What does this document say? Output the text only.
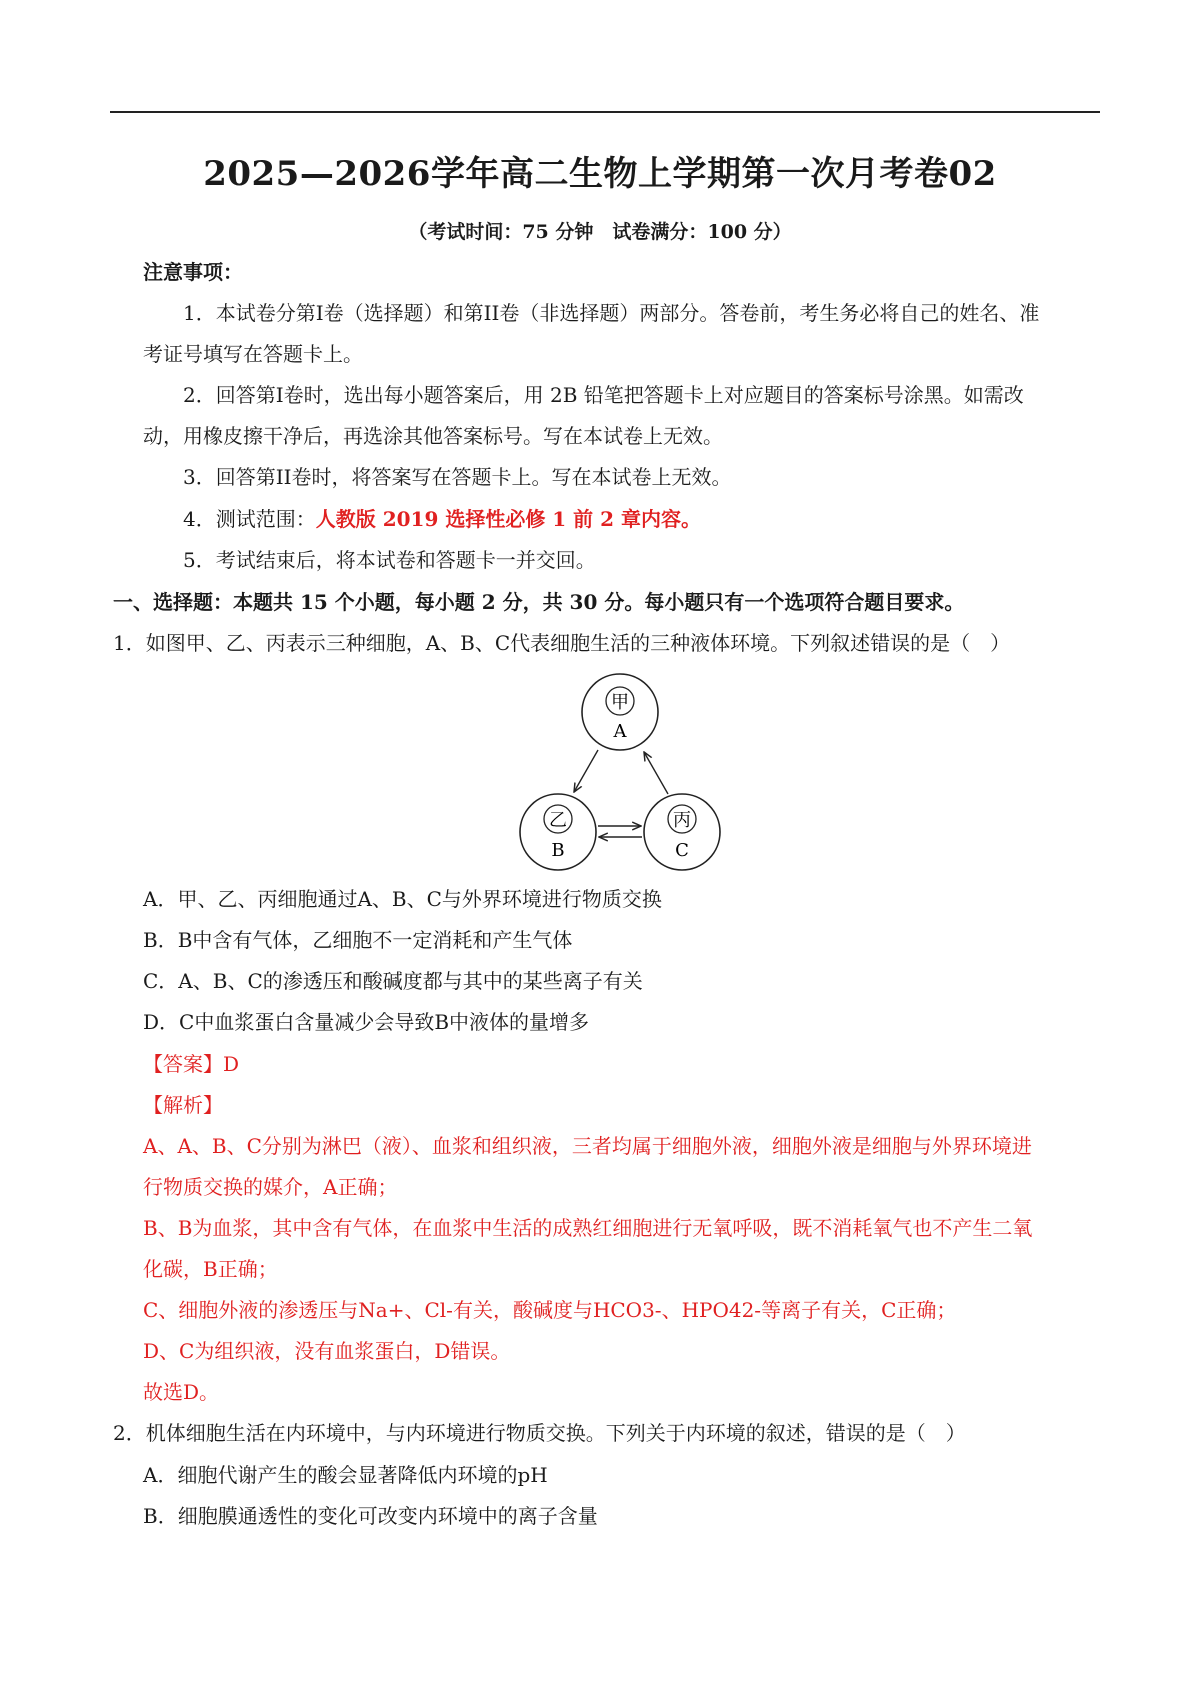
2025—2026学年高二生物上学期第一次月考卷02
（考试时间：75 分钟　试卷满分：100 分）
注意事项：
1．本试卷分第I卷（选择题）和第II卷（非选择题）两部分。答卷前，考生务必将自己的姓名、准
考证号填写在答题卡上。
2．回答第I卷时，选出每小题答案后，用 2B 铅笔把答题卡上对应题目的答案标号涂黑。如需改
动，用橡皮擦干净后，再选涂其他答案标号。写在本试卷上无效。
3．回答第II卷时，将答案写在答题卡上。写在本试卷上无效。
4．测试范围：人教版 2019 选择性必修 1 前 2 章内容。
5．考试结束后，将本试卷和答题卡一并交回。
一、选择题：本题共 15 个小题，每小题 2 分，共 30 分。每小题只有一个选项符合题目要求。
1．如图甲、乙、丙表示三种细胞，A、B、C代表细胞生活的三种液体环境。下列叙述错误的是（　）
甲
A
乙
B
丙
C
A．甲、乙、丙细胞通过A、B、C与外界环境进行物质交换
B．B中含有气体，乙细胞不一定消耗和产生气体
C．A、B、C的渗透压和酸碱度都与其中的某些离子有关
D．C中血浆蛋白含量减少会导致B中液体的量增多
【答案】D
【解析】
A、A、B、C分别为淋巴（液）、血浆和组织液，三者均属于细胞外液，细胞外液是细胞与外界环境进
行物质交换的媒介，A正确；
B、B为血浆，其中含有气体，在血浆中生活的成熟红细胞进行无氧呼吸，既不消耗氧气也不产生二氧
化碳，B正确；
C、细胞外液的渗透压与Na+、Cl-有关，酸碱度与HCO3-、HPO42-等离子有关，C正确；
D、C为组织液，没有血浆蛋白，D错误。
故选D。
2．机体细胞生活在内环境中，与内环境进行物质交换。下列关于内环境的叙述，错误的是（　）
A．细胞代谢产生的酸会显著降低内环境的pH
B．细胞膜通透性的变化可改变内环境中的离子含量
